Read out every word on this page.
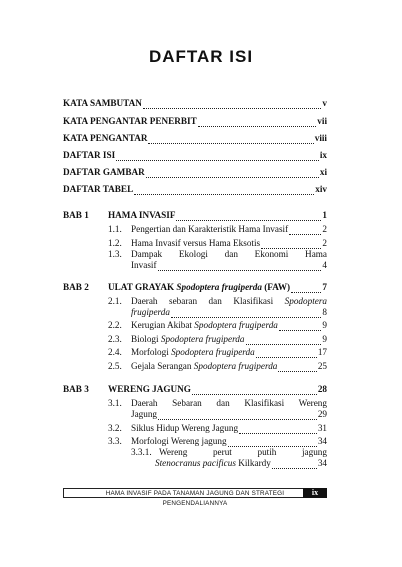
DAFTAR ISI
KATA SAMBUTAN	v
KATA PENGANTAR PENERBIT	vii
KATA PENGANTAR	viii
DAFTAR ISI	ix
DAFTAR GAMBAR	xi
DAFTAR TABEL	xiv
BAB 1 HAMA INVASIF	1
1.1. Pengertian dan Karakteristik Hama Invasif	2
1.2. Hama Invasif versus Hama Eksotis	2
1.3. Dampak Ekologi dan Ekonomi Hama
Invasif	4
BAB 2 ULAT GRAYAK Spodoptera frugiperda (FAW)	7
2.1. Daerah sebaran dan Klasifikasi Spodoptera
frugiperda	8
2.2. Kerugian Akibat Spodoptera frugiperda	9
2.3. Biologi Spodoptera frugiperda	9
2.4. Morfologi Spodoptera frugiperda	17
2.5. Gejala Serangan Spodoptera frugiperda	25
BAB 3 WERENG JAGUNG	28
3.1. Daerah Sebaran dan Klasifikasi Wereng
Jagung	29
3.2. Siklus Hidup Wereng Jagung	31
3.3. Morfologi Wereng jagung	34
3.3.1. Wereng perut putih jagung
Stenocranus pacificus Kilkardy	34
HAMA INVASIF PADA TANAMAN JAGUNG DAN STRATEGI PENGENDALIANNYA
ix
